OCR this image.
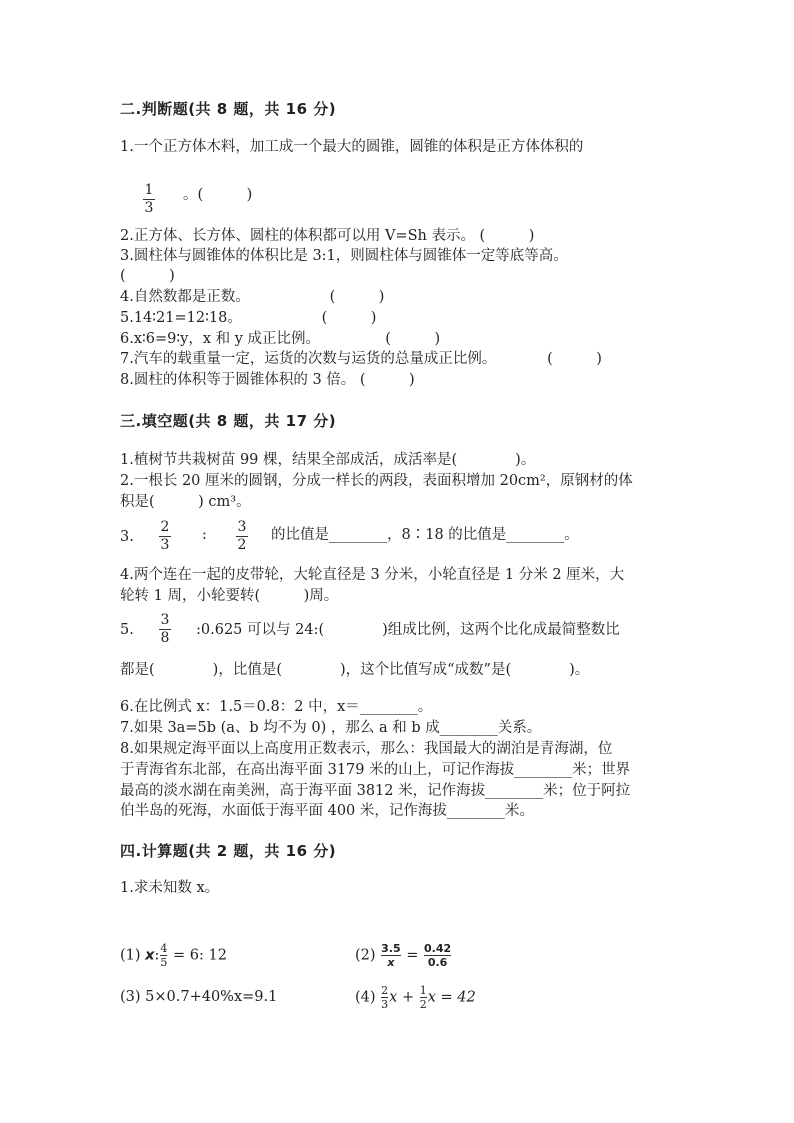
二.判断题(共 8 题，共 16 分)
1.一个正方体木料，加工成一个最大的圆锥，圆锥的体积是正方体体积的
1
3
。(　　　)
2.正方体、长方体、圆柱的体积都可以用 V=Sh 表示。 (　　　)
3.圆柱体与圆锥体的体积比是 3:1，则圆柱体与圆锥体一定等底等高。
(　　　)
4.自然数都是正数。　　　　　　(　　　)
5.14∶21=12∶18。　　　　　　(　　　)
6.x∶6=9∶y，x 和 y 成正比例。　　　　　(　　　)
7.汽车的载重量一定，运货的次数与运货的总量成正比例。　　　　(　　　)
8.圆柱的体积等于圆锥体积的 3 倍。 (　　　)
三.填空题(共 8 题，共 17 分)
1.植树节共栽树苗 99 棵，结果全部成活，成活率是(　　　　)。
2.一根长 20 厘米的圆钢，分成一样长的两段，表面积增加 20cm²，原钢材的体
积是(　　　) cm³。
3.
2
3
: 3
2
的比值是________，8∶18 的比值是________。
4.两个连在一起的皮带轮，大轮直径是 3 分米，小轮直径是 1 分米 2 厘米，大
轮转 1 周，小轮要转(　　　)周。
5.
3
8 :0.625 可以与 24:(　　　　)组成比例，这两个比化成最简整数比
都是(　　　　)，比值是(　　　　)，这个比值写成“成数”是(　　　　)。
6.在比例式 x：1.5＝0.8：2 中，x＝________。
7.如果 3a=5b (a、b 均不为 0) ，那么 a 和 b 成________关系。
8.如果规定海平面以上高度用正数表示，那么：我国最大的湖泊是青海湖，位
于青海省东北部，在高出海平面 3179 米的山上，可记作海拔________米；世界
最高的淡水湖在南美洲，高于海平面 3812 米，记作海拔________米；位于阿拉
伯半岛的死海，水面低于海平面 400 米，记作海拔________米。
四.计算题(共 2 题，共 16 分)
1.求未知数 x。
(1) x: $\frac{4}{5} = 6$: 12	$(2) \frac{3.5}{x} = \frac{0.42}{0.6}$
(3) 5×0.7+40%x=9.1	$(4) \frac{2}{3}$ $x + \frac{1}{2}$ x = 42
